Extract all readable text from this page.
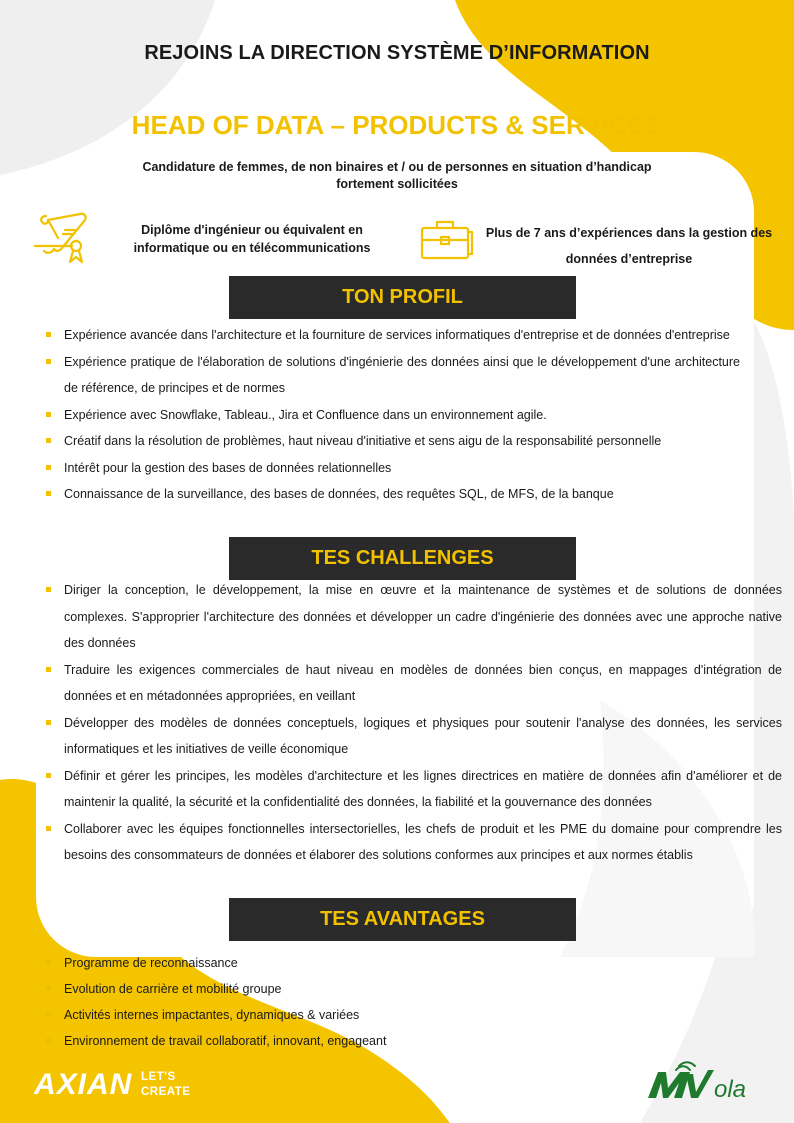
REJOINS LA DIRECTION SYSTÈME D’INFORMATION
HEAD OF DATA – PRODUCTS & SERVICES
Candidature de femmes, de non binaires et / ou de personnes en situation d’handicap
fortement sollicitées
Diplôme d'ingénieur ou équivalent en
informatique ou en télécommunications
Plus de 7 ans d’expériences dans la gestion des
données d’entreprise
TON PROFIL
Expérience avancée dans l'architecture et la fourniture de services informatiques d'entreprise et de données d'entreprise
Expérience pratique de l'élaboration de solutions d'ingénierie des données ainsi que le développement d'une architecture de référence, de principes et de normes
Expérience avec Snowflake, Tableau., Jira et Confluence dans un environnement agile.
Créatif dans la résolution de problèmes, haut niveau d'initiative et sens aigu de la responsabilité personnelle
Intérêt pour la gestion des bases de données relationnelles
Connaissance de la surveillance, des bases de données, des requêtes SQL, de MFS, de la banque
TES CHALLENGES
Diriger la conception, le développement, la mise en œuvre et la maintenance de systèmes et de solutions de données complexes. S'approprier l'architecture des données et développer un cadre d'ingénierie des données avec une approche native des données
Traduire les exigences commerciales de haut niveau en modèles de données bien conçus, en mappages d'intégration de données et en métadonnées appropriées, en veillant
Développer des modèles de données conceptuels, logiques et physiques pour soutenir l'analyse des données, les services informatiques et les initiatives de veille économique
Définir et gérer les principes, les modèles d'architecture et les lignes directrices en matière de données afin d'améliorer et de maintenir la qualité, la sécurité et la confidentialité des données, la fiabilité et la gouvernance des données
Collaborer avec les équipes fonctionnelles intersectorielles, les chefs de produit et les PME du domaine pour comprendre les besoins des consommateurs de données et élaborer des solutions conformes aux principes et aux normes établis
TES AVANTAGES
Programme de reconnaissance
Evolution de carrière et mobilité groupe
Activités internes impactantes, dynamiques & variées
Environnement de travail collaboratif, innovant, engageant
AXIAN LET'S
CREATE	ola
